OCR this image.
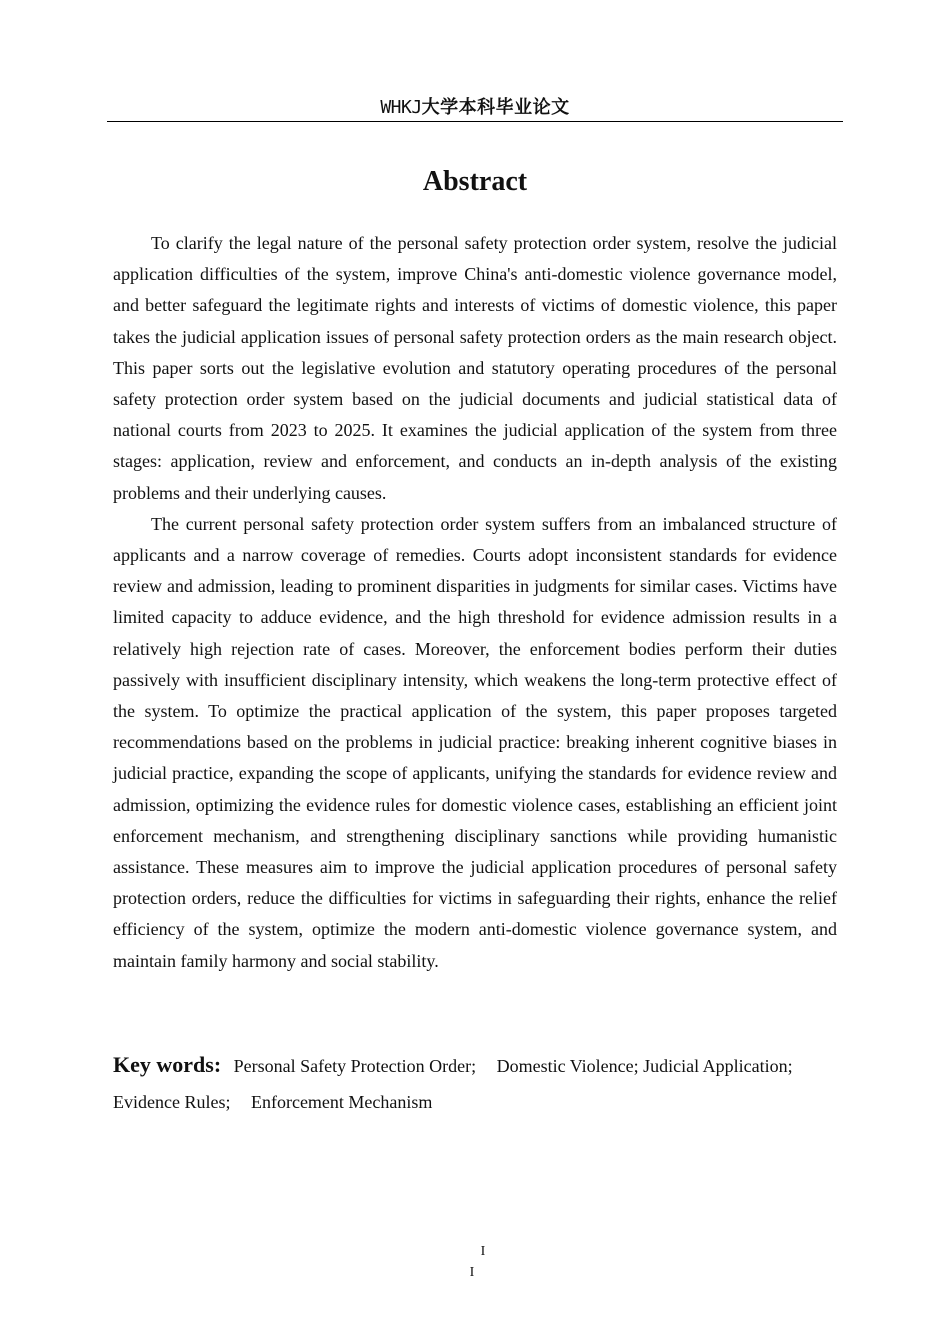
WHKJ大学本科毕业论文
Abstract

To clarify the legal nature of the personal safety protection order system, resolve the judicial application difficulties of the system, improve China's anti-domestic violence governance model, and better safeguard the legitimate rights and interests of victims of domestic violence, this paper takes the judicial application issues of personal safety protection orders as the main research object. This paper sorts out the legislative evolution and statutory operating procedures of the personal safety protection order system based on the judicial documents and judicial statistical data of national courts from 2023 to 2025. It examines the judicial application of the system from three stages: application, review and enforcement, and conducts an in-depth analysis of the existing problems and their underlying causes.

The current personal safety protection order system suffers from an imbalanced structure of applicants and a narrow coverage of remedies. Courts adopt inconsistent standards for evidence review and admission, leading to prominent disparities in judgments for similar cases. Victims have limited capacity to adduce evidence, and the high threshold for evidence admission results in a relatively high rejection rate of cases. Moreover, the enforcement bodies perform their duties passively with insufficient disciplinary intensity, which weakens the long-term protective effect of the system. To optimize the practical application of the system, this paper proposes targeted recommendations based on the problems in judicial practice: breaking inherent cognitive biases in judicial practice, expanding the scope of applicants, unifying the standards for evidence review and admission, optimizing the evidence rules for domestic violence cases, establishing an efficient joint enforcement mechanism, and strengthening disciplinary sanctions while providing humanistic assistance. These measures aim to improve the judicial application procedures of personal safety protection orders, reduce the difficulties for victims in safeguarding their rights, enhance the relief efficiency of the system, optimize the modern anti-domestic violence governance system, and maintain family harmony and social stability.

Key words: Personal Safety Protection Order; Domestic Violence; Judicial Application;
Evidence Rules; Enforcement Mechanism
I
I
